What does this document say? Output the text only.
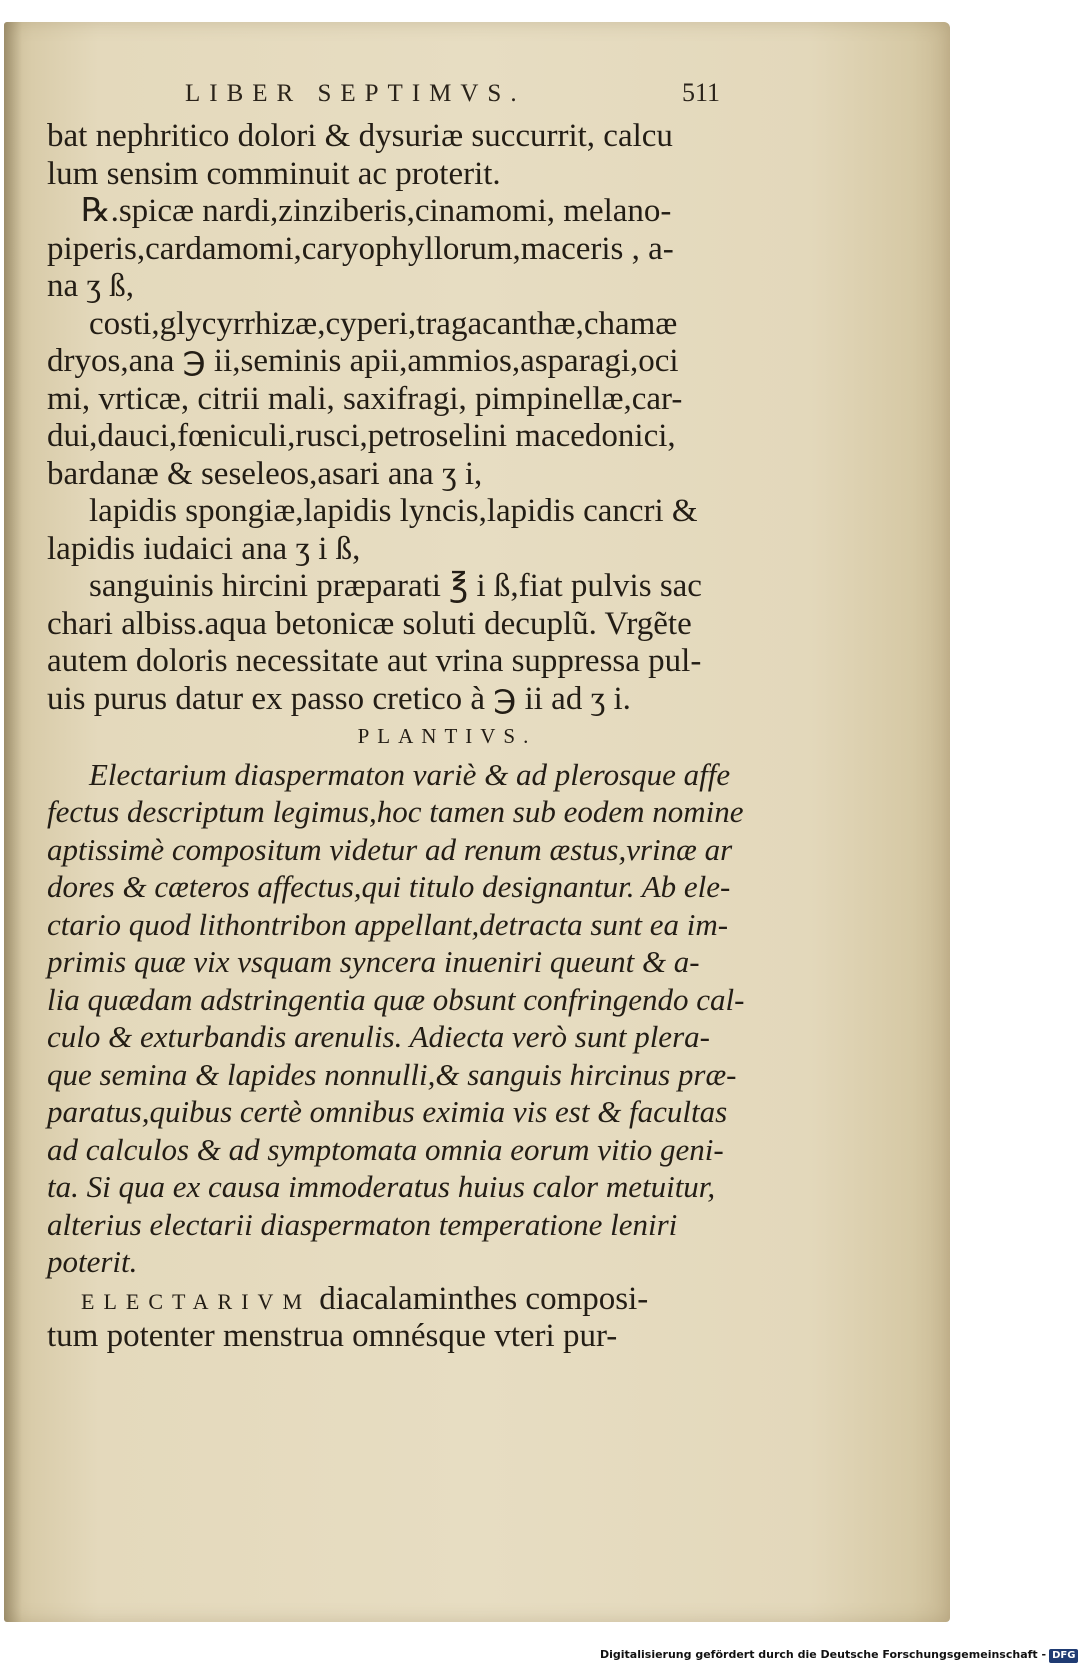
LIBER SEPTIMVS.	511
bat nephritico dolori & dysuriæ succurrit, calcu
lum sensim comminuit ac proterit.
℞.spicæ nardi,zinziberis,cinamomi, melano-
piperis,cardamomi,caryophyllorum,maceris , a-
na ʒ ß,
costi,glycyrrhizæ,cyperi,tragacanthæ,chamæ
dryos,ana ℈ ii,seminis apii,ammios,asparagi,oci
mi, vrticæ, citrii mali, saxifragi, pimpinellæ,car-
dui,dauci,fœniculi,rusci,petroselini macedonici,
bardanæ & seseleos,asari ana ʒ i,
lapidis spongiæ,lapidis lyncis,lapidis cancri &
lapidis iudaici ana ʒ i ß,
sanguinis hircini præparati ℥ i ß,fiat pulvis sac
chari albiss.aqua betonicæ soluti decuplũ. Vrgẽte
autem doloris necessitate aut vrina suppressa pul-
uis purus datur ex passo cretico à ℈ ii ad ʒ i.
PLANTIVS.
Electarium diaspermaton variè & ad plerosque affe
fectus descriptum legimus,hoc tamen sub eodem nomine
aptissimè compositum videtur ad renum æstus,vrinæ ar
dores & cæteros affectus,qui titulo designantur. Ab ele-
ctario quod lithontribon appellant,detracta sunt ea im-
primis quæ vix vsquam syncera inueniri queunt & a-
lia quædam adstringentia quæ obsunt confringendo cal-
culo & exturbandis arenulis. Adiecta verò sunt plera-
que semina & lapides nonnulli,& sanguis hircinus præ-
paratus,quibus certè omnibus eximia vis est & facultas
ad calculos & ad symptomata omnia eorum vitio geni-
ta. Si qua ex causa immoderatus huius calor metuitur,
alterius electarii diaspermaton temperatione leniri
poterit.
ELECTARIVM diacalaminthes composi-
tum potenter menstrua omnésque vteri pur-
Digitalisierung gefördert durch die Deutsche Forschungsgemeinschaft - DFG
